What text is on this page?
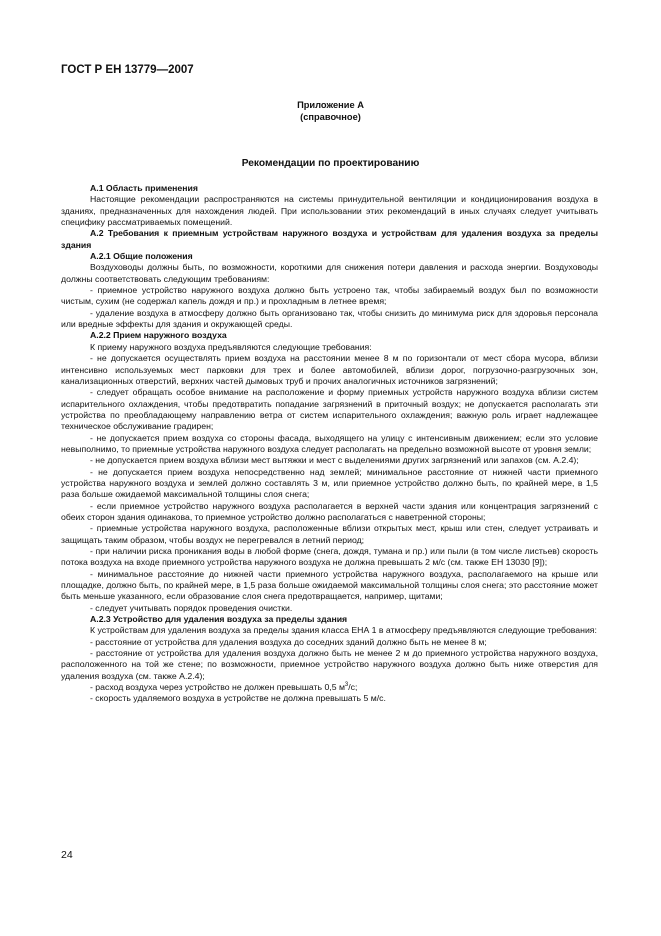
ГОСТ Р ЕН 13779—2007
Приложение А
(справочное)
Рекомендации по проектированию

А.1 Область применения

Настоящие рекомендации распространяются на системы принудительной вентиляции и кондиционирования воздуха в зданиях, предназначенных для нахождения людей. При использовании этих рекомендаций в иных случаях следует учитывать специфику рассматриваемых помещений.

А.2 Требования к приемным устройствам наружного воздуха и устройствам для удаления воздуха за пределы здания

А.2.1 Общие положения

Воздуховоды должны быть, по возможности, короткими для снижения потери давления и расхода энергии. Воздуховоды должны соответствовать следующим требованиям:

- приемное устройство наружного воздуха должно быть устроено так, чтобы забираемый воздух был по возможности чистым, сухим (не содержал капель дождя и пр.) и прохладным в летнее время;

- удаление воздуха в атмосферу должно быть организовано так, чтобы снизить до минимума риск для здоровья персонала или вредные эффекты для здания и окружающей среды.

А.2.2 Прием наружного воздуха

К приему наружного воздуха предъявляются следующие требования:

- не допускается осуществлять прием воздуха на расстоянии менее 8 м по горизонтали от мест сбора мусора, вблизи интенсивно используемых мест парковки для трех и более автомобилей, вблизи дорог, погрузочно-разгрузочных зон, канализационных отверстий, верхних частей дымовых труб и прочих аналогичных источников загрязнений;

- следует обращать особое внимание на расположение и форму приемных устройств наружного воздуха вблизи систем испарительного охлаждения, чтобы предотвратить попадание загрязнений в приточный воздух; не допускается располагать эти устройства по преобладающему направлению ветра от систем испарительного охлаждения; важную роль играет надлежащее техническое обслуживание градирен;

- не допускается прием воздуха со стороны фасада, выходящего на улицу с интенсивным движением; если это условие невыполнимо, то приемные устройства наружного воздуха следует располагать на предельно возможной высоте от уровня земли;

- не допускается прием воздуха вблизи мест вытяжки и мест с выделениями других загрязнений или запахов (см. А.2.4);

- не допускается прием воздуха непосредственно над землей; минимальное расстояние от нижней части приемного устройства наружного воздуха и землей должно составлять 3 м, или приемное устройство должно быть, по крайней мере, в 1,5 раза больше ожидаемой максимальной толщины слоя снега;

- если приемное устройство наружного воздуха располагается в верхней части здания или концентрация загрязнений с обеих сторон здания одинакова, то приемное устройство должно располагаться с наветренной стороны;

- приемные устройства наружного воздуха, расположенные вблизи открытых мест, крыш или стен, следует устраивать и защищать таким образом, чтобы воздух не перегревался в летний период;

- при наличии риска проникания воды в любой форме (снега, дождя, тумана и пр.) или пыли (в том числе листьев) скорость потока воздуха на входе приемного устройства наружного воздуха не должна превышать 2 м/с (см. также ЕН 13030 [9]);

- минимальное расстояние до нижней части приемного устройства наружного воздуха, располагаемого на крыше или площадке, должно быть, по крайней мере, в 1,5 раза больше ожидаемой максимальной толщины слоя снега; это расстояние может быть меньше указанного, если образование слоя снега предотвращается, например, щитами;

- следует учитывать порядок проведения очистки.

А.2.3 Устройство для удаления воздуха за пределы здания

К устройствам для удаления воздуха за пределы здания класса ЕНА 1 в атмосферу предъявляются следующие требования:

- расстояние от устройства для удаления воздуха до соседних зданий должно быть не менее 8 м;

- расстояние от устройства для удаления воздуха должно быть не менее 2 м до приемного устройства наружного воздуха, расположенного на той же стене; по возможности, приемное устройство наружного воздуха должно быть ниже отверстия для удаления воздуха (см. также А.2.4);

- расход воздуха через устройство не должен превышать 0,5 $м^3/с$;

- скорость удаляемого воздуха в устройстве не должна превышать 5 м/с.

24
